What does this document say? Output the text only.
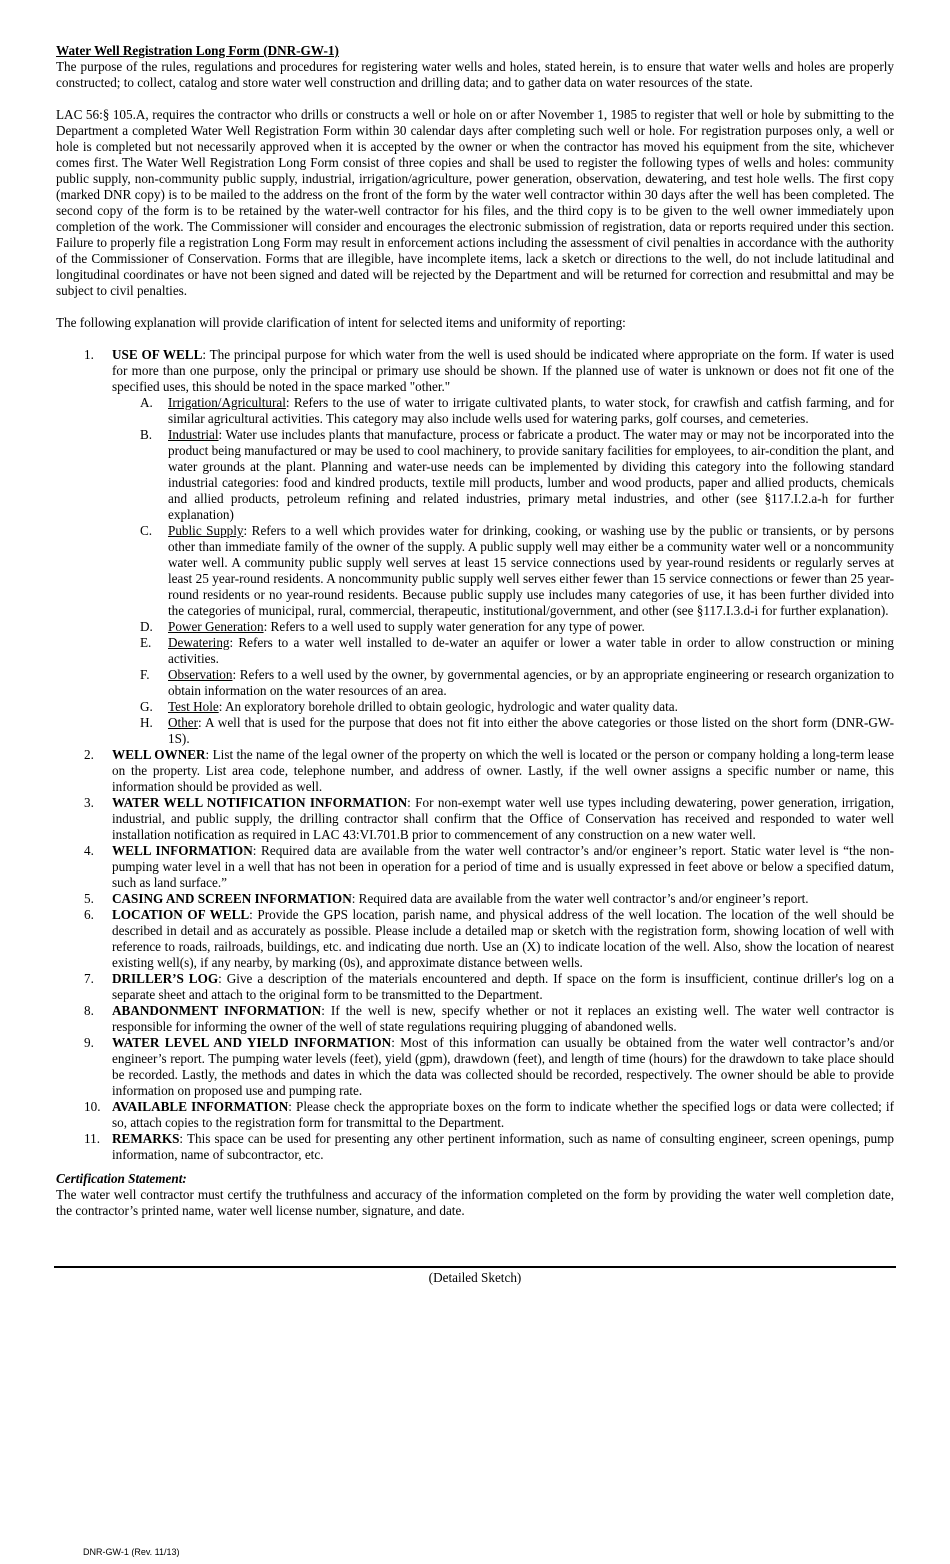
Water Well Registration Long Form (DNR-GW-1)

The purpose of the rules, regulations and procedures for registering water wells and holes, stated herein, is to ensure that water wells and holes are properly constructed; to collect, catalog and store water well construction and drilling data; and to gather data on water resources of the state.

LAC 56:§ 105.A, requires the contractor who drills or constructs a well or hole on or after November 1, 1985 to register that well or hole by submitting to the Department a completed Water Well Registration Form within 30 calendar days after completing such well or hole. For registration purposes only, a well or hole is completed but not necessarily approved when it is accepted by the owner or when the contractor has moved his equipment from the site, whichever comes first. The Water Well Registration Long Form consist of three copies and shall be used to register the following types of wells and holes: community public supply, non-community public supply, industrial, irrigation/agriculture, power generation, observation, dewatering, and test hole wells. The first copy (marked DNR copy) is to be mailed to the address on the front of the form by the water well contractor within 30 days after the well has been completed. The second copy of the form is to be retained by the water-well contractor for his files, and the third copy is to be given to the well owner immediately upon completion of the work. The Commissioner will consider and encourages the electronic submission of registration, data or reports required under this section. Failure to properly file a registration Long Form may result in enforcement actions including the assessment of civil penalties in accordance with the authority of the Commissioner of Conservation. Forms that are illegible, have incomplete items, lack a sketch or directions to the well, do not include latitudinal and longitudinal coordinates or have not been signed and dated will be rejected by the Department and will be returned for correction and resubmittal and may be subject to civil penalties.

The following explanation will provide clarification of intent for selected items and uniformity of reporting:

1.	USE OF WELL: The principal purpose for which water from the well is used should be indicated where appropriate on the form. If water is used for more than one purpose, only the principal or primary use should be shown. If the planned use of water is unknown or does not fit one of the specified uses, this should be noted in the space marked "other."
A.	Irrigation/Agricultural: Refers to the use of water to irrigate cultivated plants, to water stock, for crawfish and catfish farming, and for similar agricultural activities. This category may also include wells used for watering parks, golf courses, and cemeteries.
B.	Industrial: Water use includes plants that manufacture, process or fabricate a product. The water may or may not be incorporated into the product being manufactured or may be used to cool machinery, to provide sanitary facilities for employees, to air-condition the plant, and water grounds at the plant. Planning and water-use needs can be implemented by dividing this category into the following standard industrial categories: food and kindred products, textile mill products, lumber and wood products, paper and allied products, chemicals and allied products, petroleum refining and related industries, primary metal industries, and other (see §117.I.2.a-h for further explanation)
C.	Public Supply: Refers to a well which provides water for drinking, cooking, or washing use by the public or transients, or by persons other than immediate family of the owner of the supply. A public supply well may either be a community water well or a noncommunity water well. A community public supply well serves at least 15 service connections used by year-round residents or regularly serves at least 25 year-round residents. A noncommunity public supply well serves either fewer than 15 service connections or fewer than 25 year-round residents or no year-round residents. Because public supply use includes many categories of use, it has been further divided into the categories of municipal, rural, commercial, therapeutic, institutional/government, and other (see §117.I.3.d-i for further explanation).
D.	Power Generation: Refers to a well used to supply water generation for any type of power.
E.	Dewatering: Refers to a water well installed to de-water an aquifer or lower a water table in order to allow construction or mining activities.
F.	Observation: Refers to a well used by the owner, by governmental agencies, or by an appropriate engineering or research organization to obtain information on the water resources of an area.
G.	Test Hole: An exploratory borehole drilled to obtain geologic, hydrologic and water quality data.
H.	Other: A well that is used for the purpose that does not fit into either the above categories or those listed on the short form (DNR-GW-1S).
2.	WELL OWNER: List the name of the legal owner of the property on which the well is located or the person or company holding a long-term lease on the property. List area code, telephone number, and address of owner. Lastly, if the well owner assigns a specific number or name, this information should be provided as well.
3.	WATER WELL NOTIFICATION INFORMATION: For non-exempt water well use types including dewatering, power generation, irrigation, industrial, and public supply, the drilling contractor shall confirm that the Office of Conservation has received and responded to water well installation notification as required in LAC 43:VI.701.B prior to commencement of any construction on a new water well.
4.	WELL INFORMATION: Required data are available from the water well contractor’s and/or engineer’s report. Static water level is “the non-pumping water level in a well that has not been in operation for a period of time and is usually expressed in feet above or below a specified datum, such as land surface.”
5.	CASING AND SCREEN INFORMATION: Required data are available from the water well contractor’s and/or engineer’s report.
6.	LOCATION OF WELL: Provide the GPS location, parish name, and physical address of the well location. The location of the well should be described in detail and as accurately as possible. Please include a detailed map or sketch with the registration form, showing location of well with reference to roads, railroads, buildings, etc. and indicating due north. Use an (X) to indicate location of the well. Also, show the location of nearest existing well(s), if any nearby, by marking (0s), and approximate distance between wells.
7.	DRILLER’S LOG: Give a description of the materials encountered and depth. If space on the form is insufficient, continue driller's log on a separate sheet and attach to the original form to be transmitted to the Department.
8.	ABANDONMENT INFORMATION: If the well is new, specify whether or not it replaces an existing well. The water well contractor is responsible for informing the owner of the well of state regulations requiring plugging of abandoned wells.
9.	WATER LEVEL AND YIELD INFORMATION: Most of this information can usually be obtained from the water well contractor’s and/or engineer’s report. The pumping water levels (feet), yield (gpm), drawdown (feet), and length of time (hours) for the drawdown to take place should be recorded. Lastly, the methods and dates in which the data was collected should be recorded, respectively. The owner should be able to provide information on proposed use and pumping rate.
10. AVAILABLE INFORMATION: Please check the appropriate boxes on the form to indicate whether the specified logs or data were collected; if so, attach copies to the registration form for transmittal to the Department.
11. REMARKS: This space can be used for presenting any other pertinent information, such as name of consulting engineer, screen openings, pump information, name of subcontractor, etc.
Certification Statement:

The water well contractor must certify the truthfulness and accuracy of the information completed on the form by providing the water well completion date, the contractor’s printed name, water well license number, signature, and date.

(Detailed Sketch)
DNR-GW-1 (Rev. 11/13)
